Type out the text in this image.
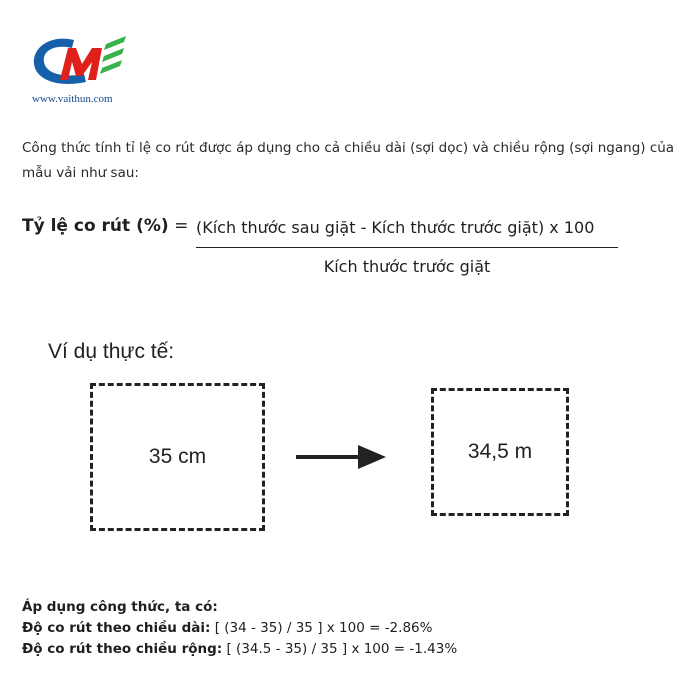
www.vaithun.com

Công thức tính tỉ lệ co rút được áp dụng cho cả chiều dài (sợi dọc) và chiều rộng (sợi ngang) của mẫu vải như sau:

Tỷ lệ co rút (%) = (Kích thước sau giặt - Kích thước trước giặt) x 100
Kích thước trước giặt
Ví dụ thực tế:
35 cm	34,5 m
Áp dụng công thức, ta có:
Độ co rút theo chiều dài: [ (34 - 35) / 35 ] x 100 = -2.86%
Độ co rút theo chiều rộng: [ (34.5 - 35) / 35 ] x 100 = -1.43%
